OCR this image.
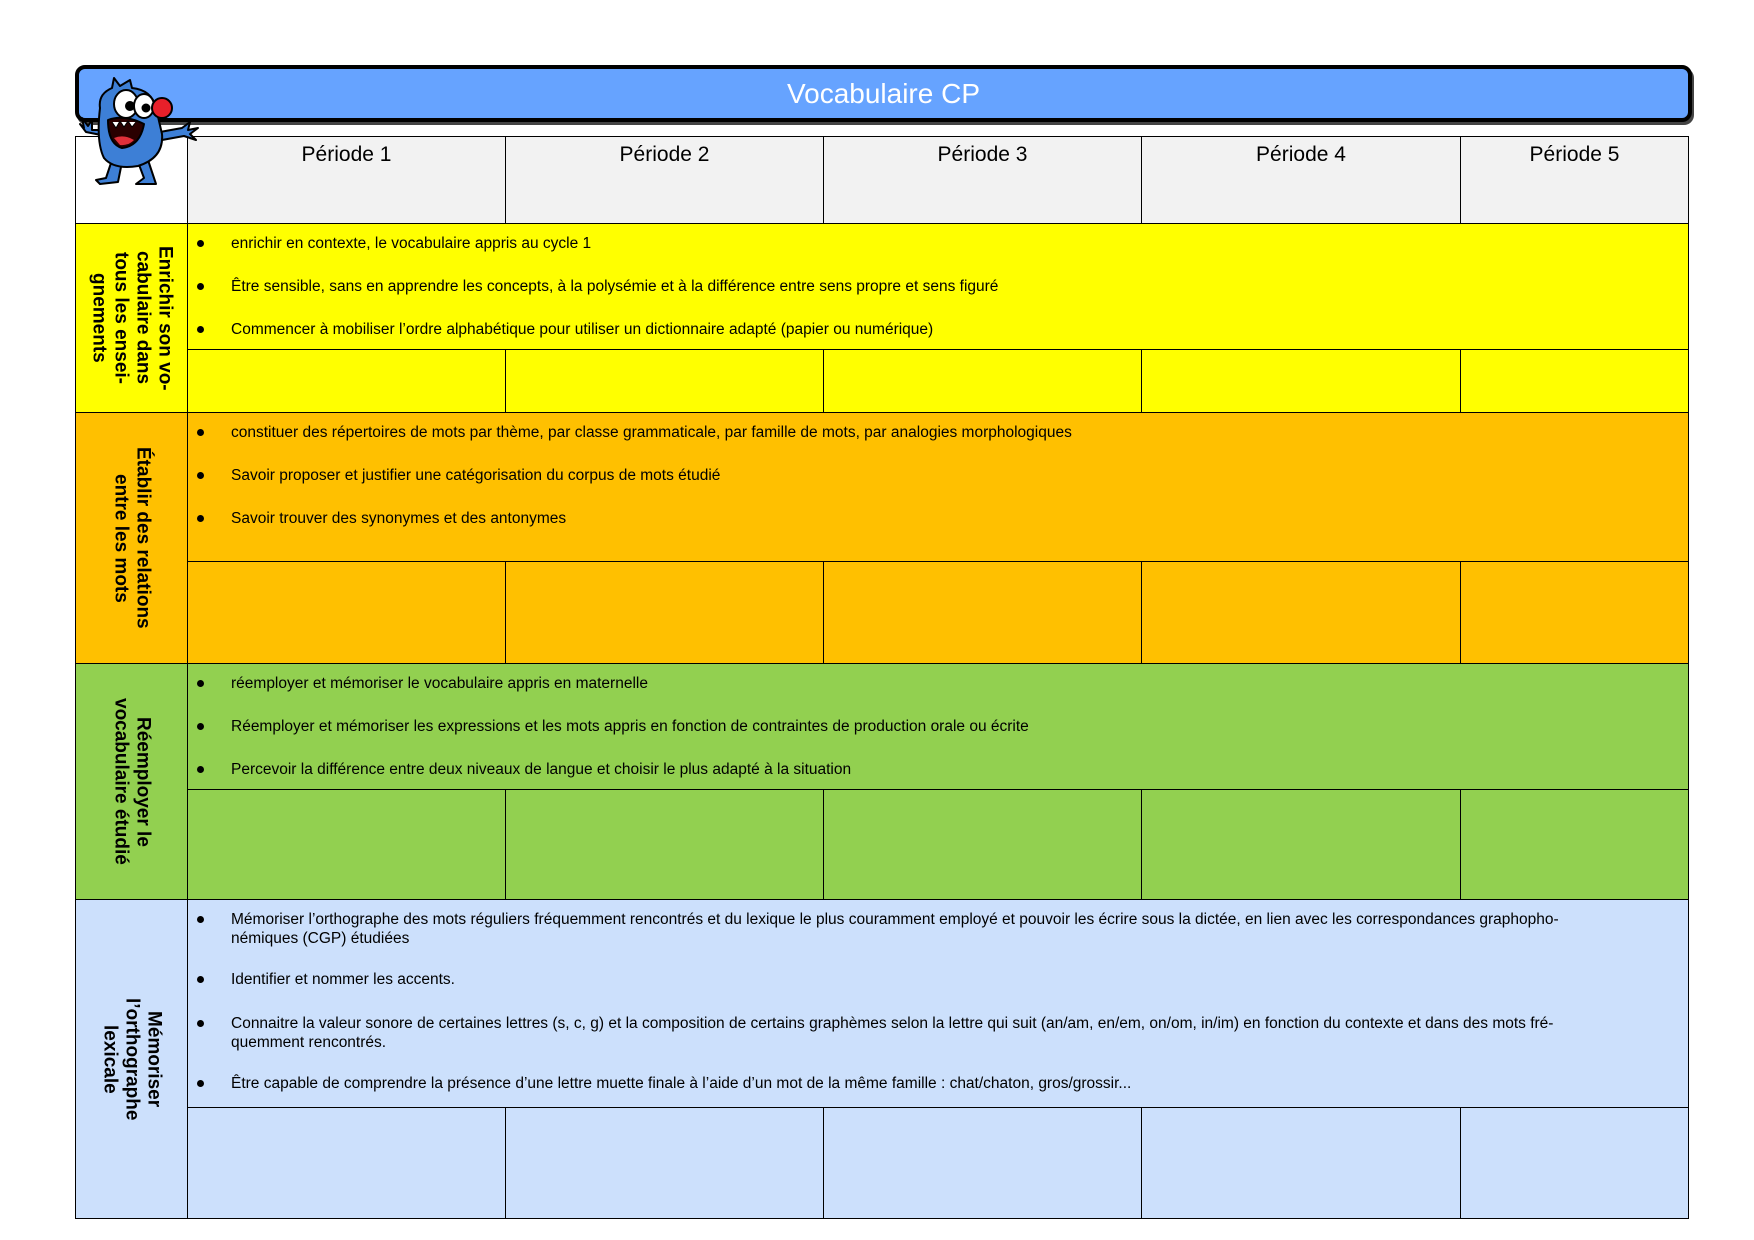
Vocabulaire CP
Période 1	Période 2	Période 3	Période 4	Période 5
Enrichir son vo-
cabulaire dans
tous les ensei-
gnements
enrichir en contexte, le vocabulaire appris au cycle 1
Être sensible, sans en apprendre les concepts, à la polysémie et à la différence entre sens propre et sens figuré
Commencer à mobiliser l’ordre alphabétique pour utiliser un dictionnaire adapté (papier ou numérique)
Établir des relations
entre les mots
constituer des répertoires de mots par thème, par classe grammaticale, par famille de mots, par analogies morphologiques
Savoir proposer et justifier une catégorisation du corpus de mots étudié
Savoir trouver des synonymes et des antonymes
Réemployer le
vocabulaire étudié
réemployer et mémoriser le vocabulaire appris en maternelle
Réemployer et mémoriser les expressions et les mots appris en fonction de contraintes de production orale ou écrite
Percevoir la différence entre deux niveaux de langue et choisir le plus adapté à la situation
Mémoriser
l’orthographe
lexicale
Mémoriser l’orthographe des mots réguliers fréquemment rencontrés et du lexique le plus couramment employé et pouvoir les écrire sous la dictée, en lien avec les correspondances graphopho-
némiques (CGP) étudiées
Identifier et nommer les accents.
Connaitre la valeur sonore de certaines lettres (s, c, g) et la composition de certains graphèmes selon la lettre qui suit (an/am, en/em, on/om, in/im) en fonction du contexte et dans des mots fré-
quemment rencontrés.
Être capable de comprendre la présence d’une lettre muette finale à l’aide d’un mot de la même famille : chat/chaton, gros/grossir...
